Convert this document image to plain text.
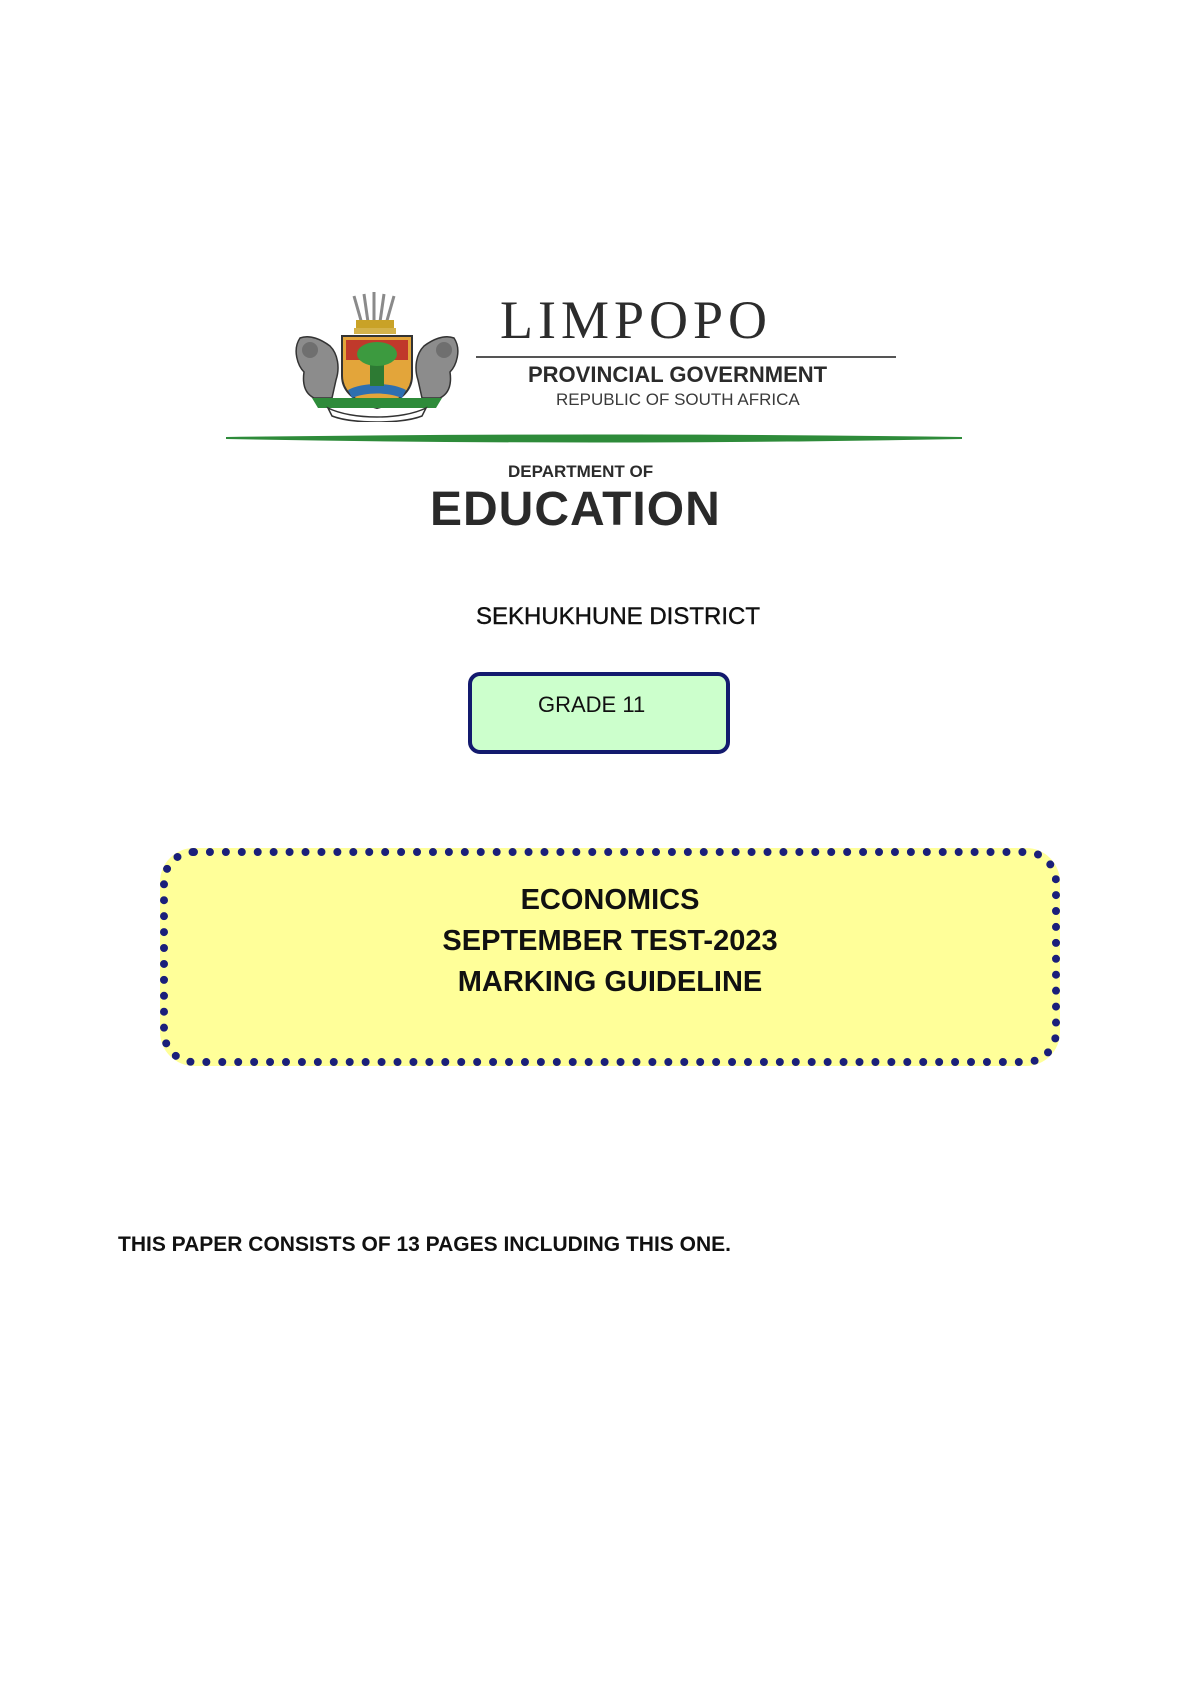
LIMPOPO
PROVINCIAL GOVERNMENT
REPUBLIC OF SOUTH AFRICA
DEPARTMENT OF
EDUCATION
SEKHUKHUNE DISTRICT
GRADE 11
ECONOMICS
SEPTEMBER TEST-2023
MARKING GUIDELINE
THIS PAPER CONSISTS OF 13 PAGES INCLUDING THIS ONE.
